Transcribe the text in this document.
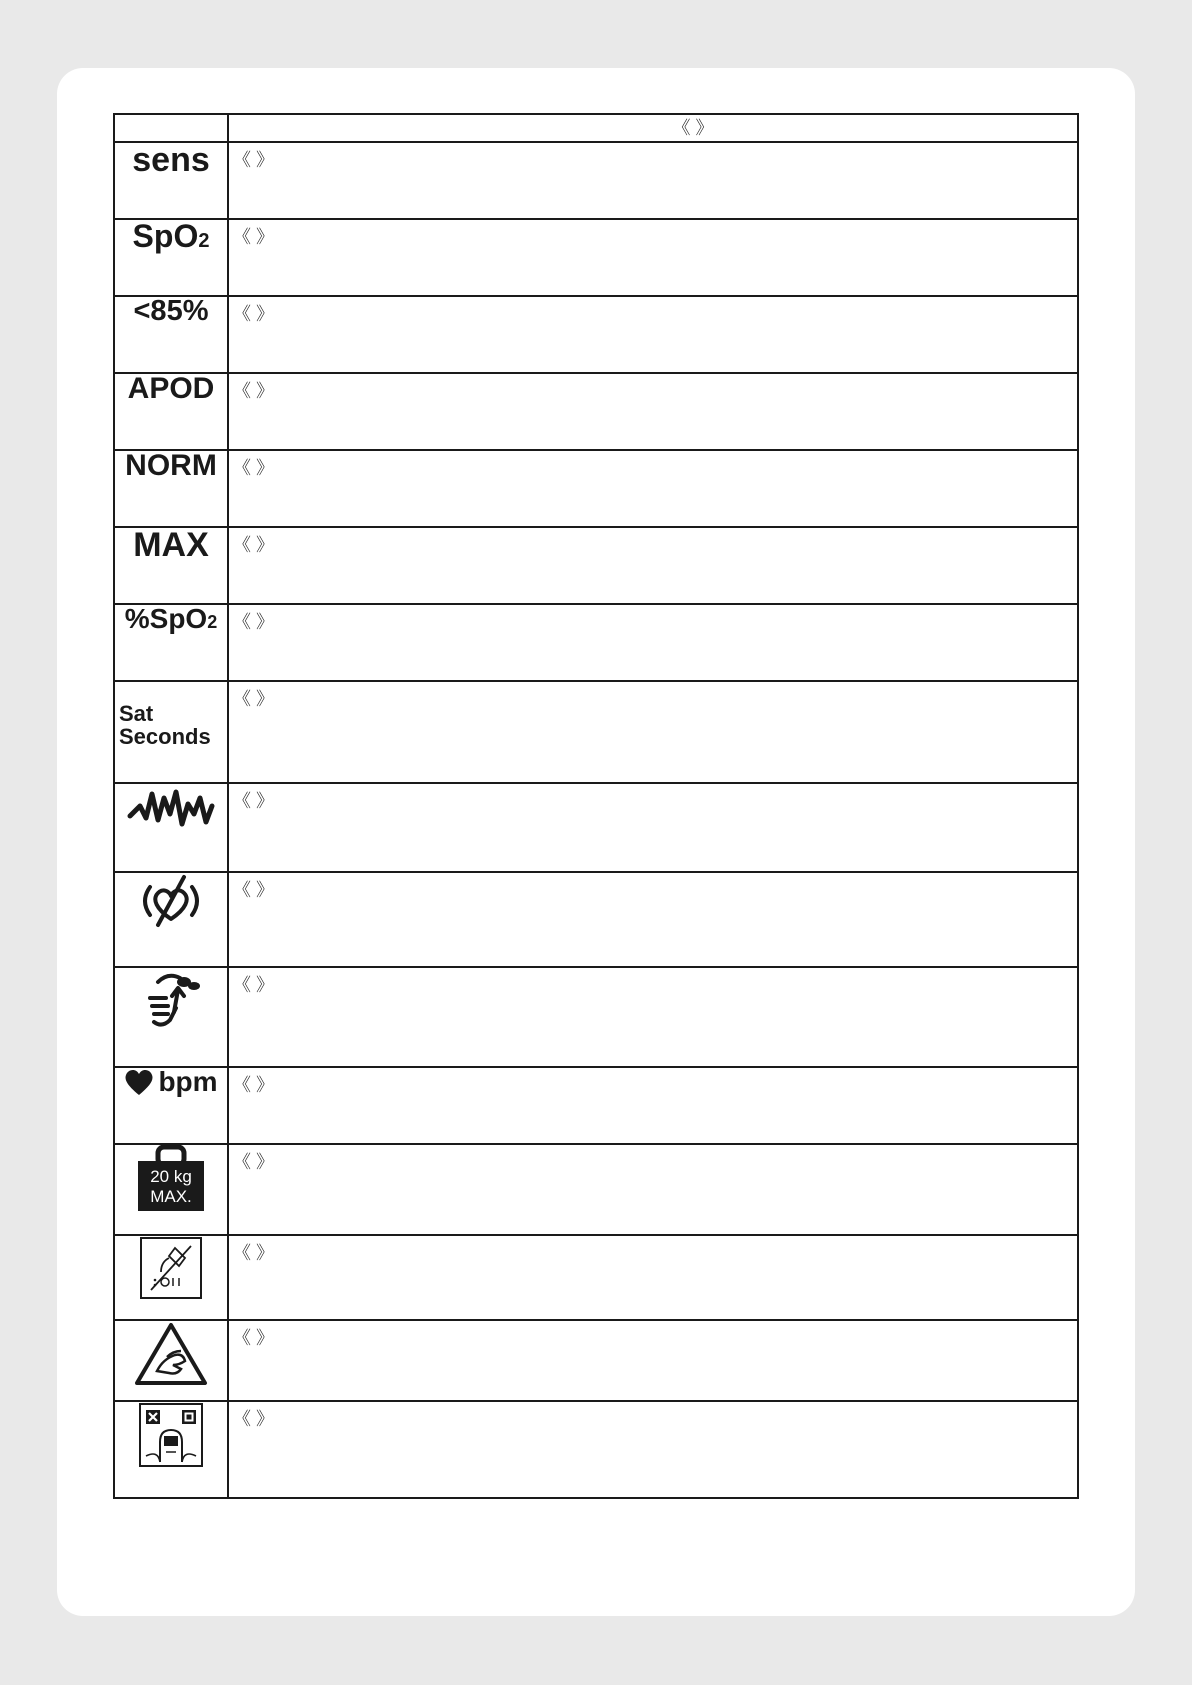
	《 》

sens	《 》

SpO2	《 》

<85%	《 》

APOD	《 》

NORM	《 》

MAX	《 》

%SpO2	《 》

Sat
Seconds	《 》

《 》

《 》

《 》

bpm	《 》

20 kg
MAX.	《 》

《 》

《 》

《 》
